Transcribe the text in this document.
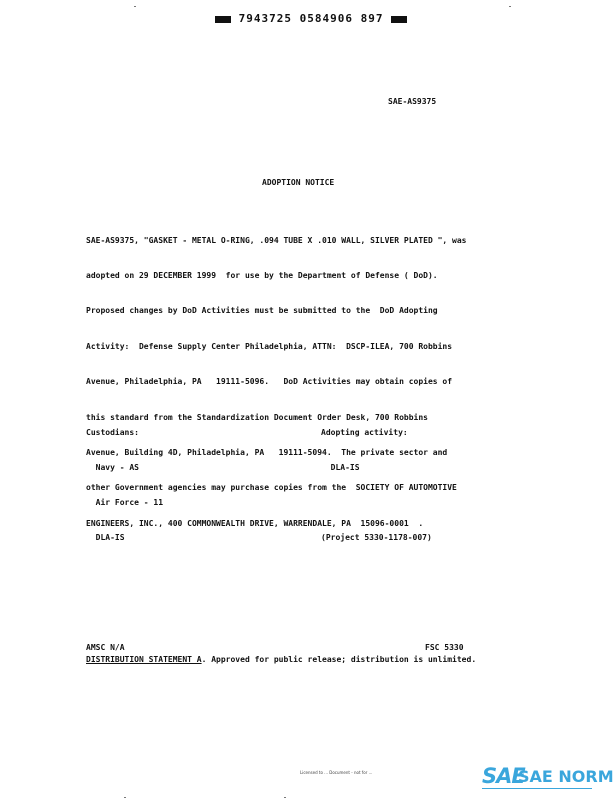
7943725 0584906 897
SAE-AS9375
ADOPTION NOTICE

SAE-AS9375, "GASKET - METAL O-RING, .094 TUBE X .010 WALL, SILVER PLATED ", was

adopted on 29 DECEMBER 1999  for use by the Department of Defense ( DoD).

Proposed changes by DoD Activities must be submitted to the  DoD Adopting

Activity:  Defense Supply Center Philadelphia, ATTN:  DSCP-ILEA, 700 Robbins

Avenue, Philadelphia, PA   19111-5096.   DoD Activities may obtain copies of

this standard from the Standardization Document Order Desk, 700 Robbins

Avenue, Building 4D, Philadelphia, PA   19111-5094.  The private sector and

other Government agencies may purchase copies from the  SOCIETY OF AUTOMOTIVE

ENGINEERS, INC., 400 COMMONWEALTH DRIVE, WARRENDALE, PA  15096-0001  .

Custodians:

Navy - AS

Air Force - 11

DLA-IS

Adopting activity:

DLA-IS

(Project 5330-1178-007)

AMSC N/A	FSC 5330
DISTRIBUTION STATEMENT A. Approved for public release; distribution is unlimited.
Licensed to ... Document - not for ...	SAE
SAE NORM
